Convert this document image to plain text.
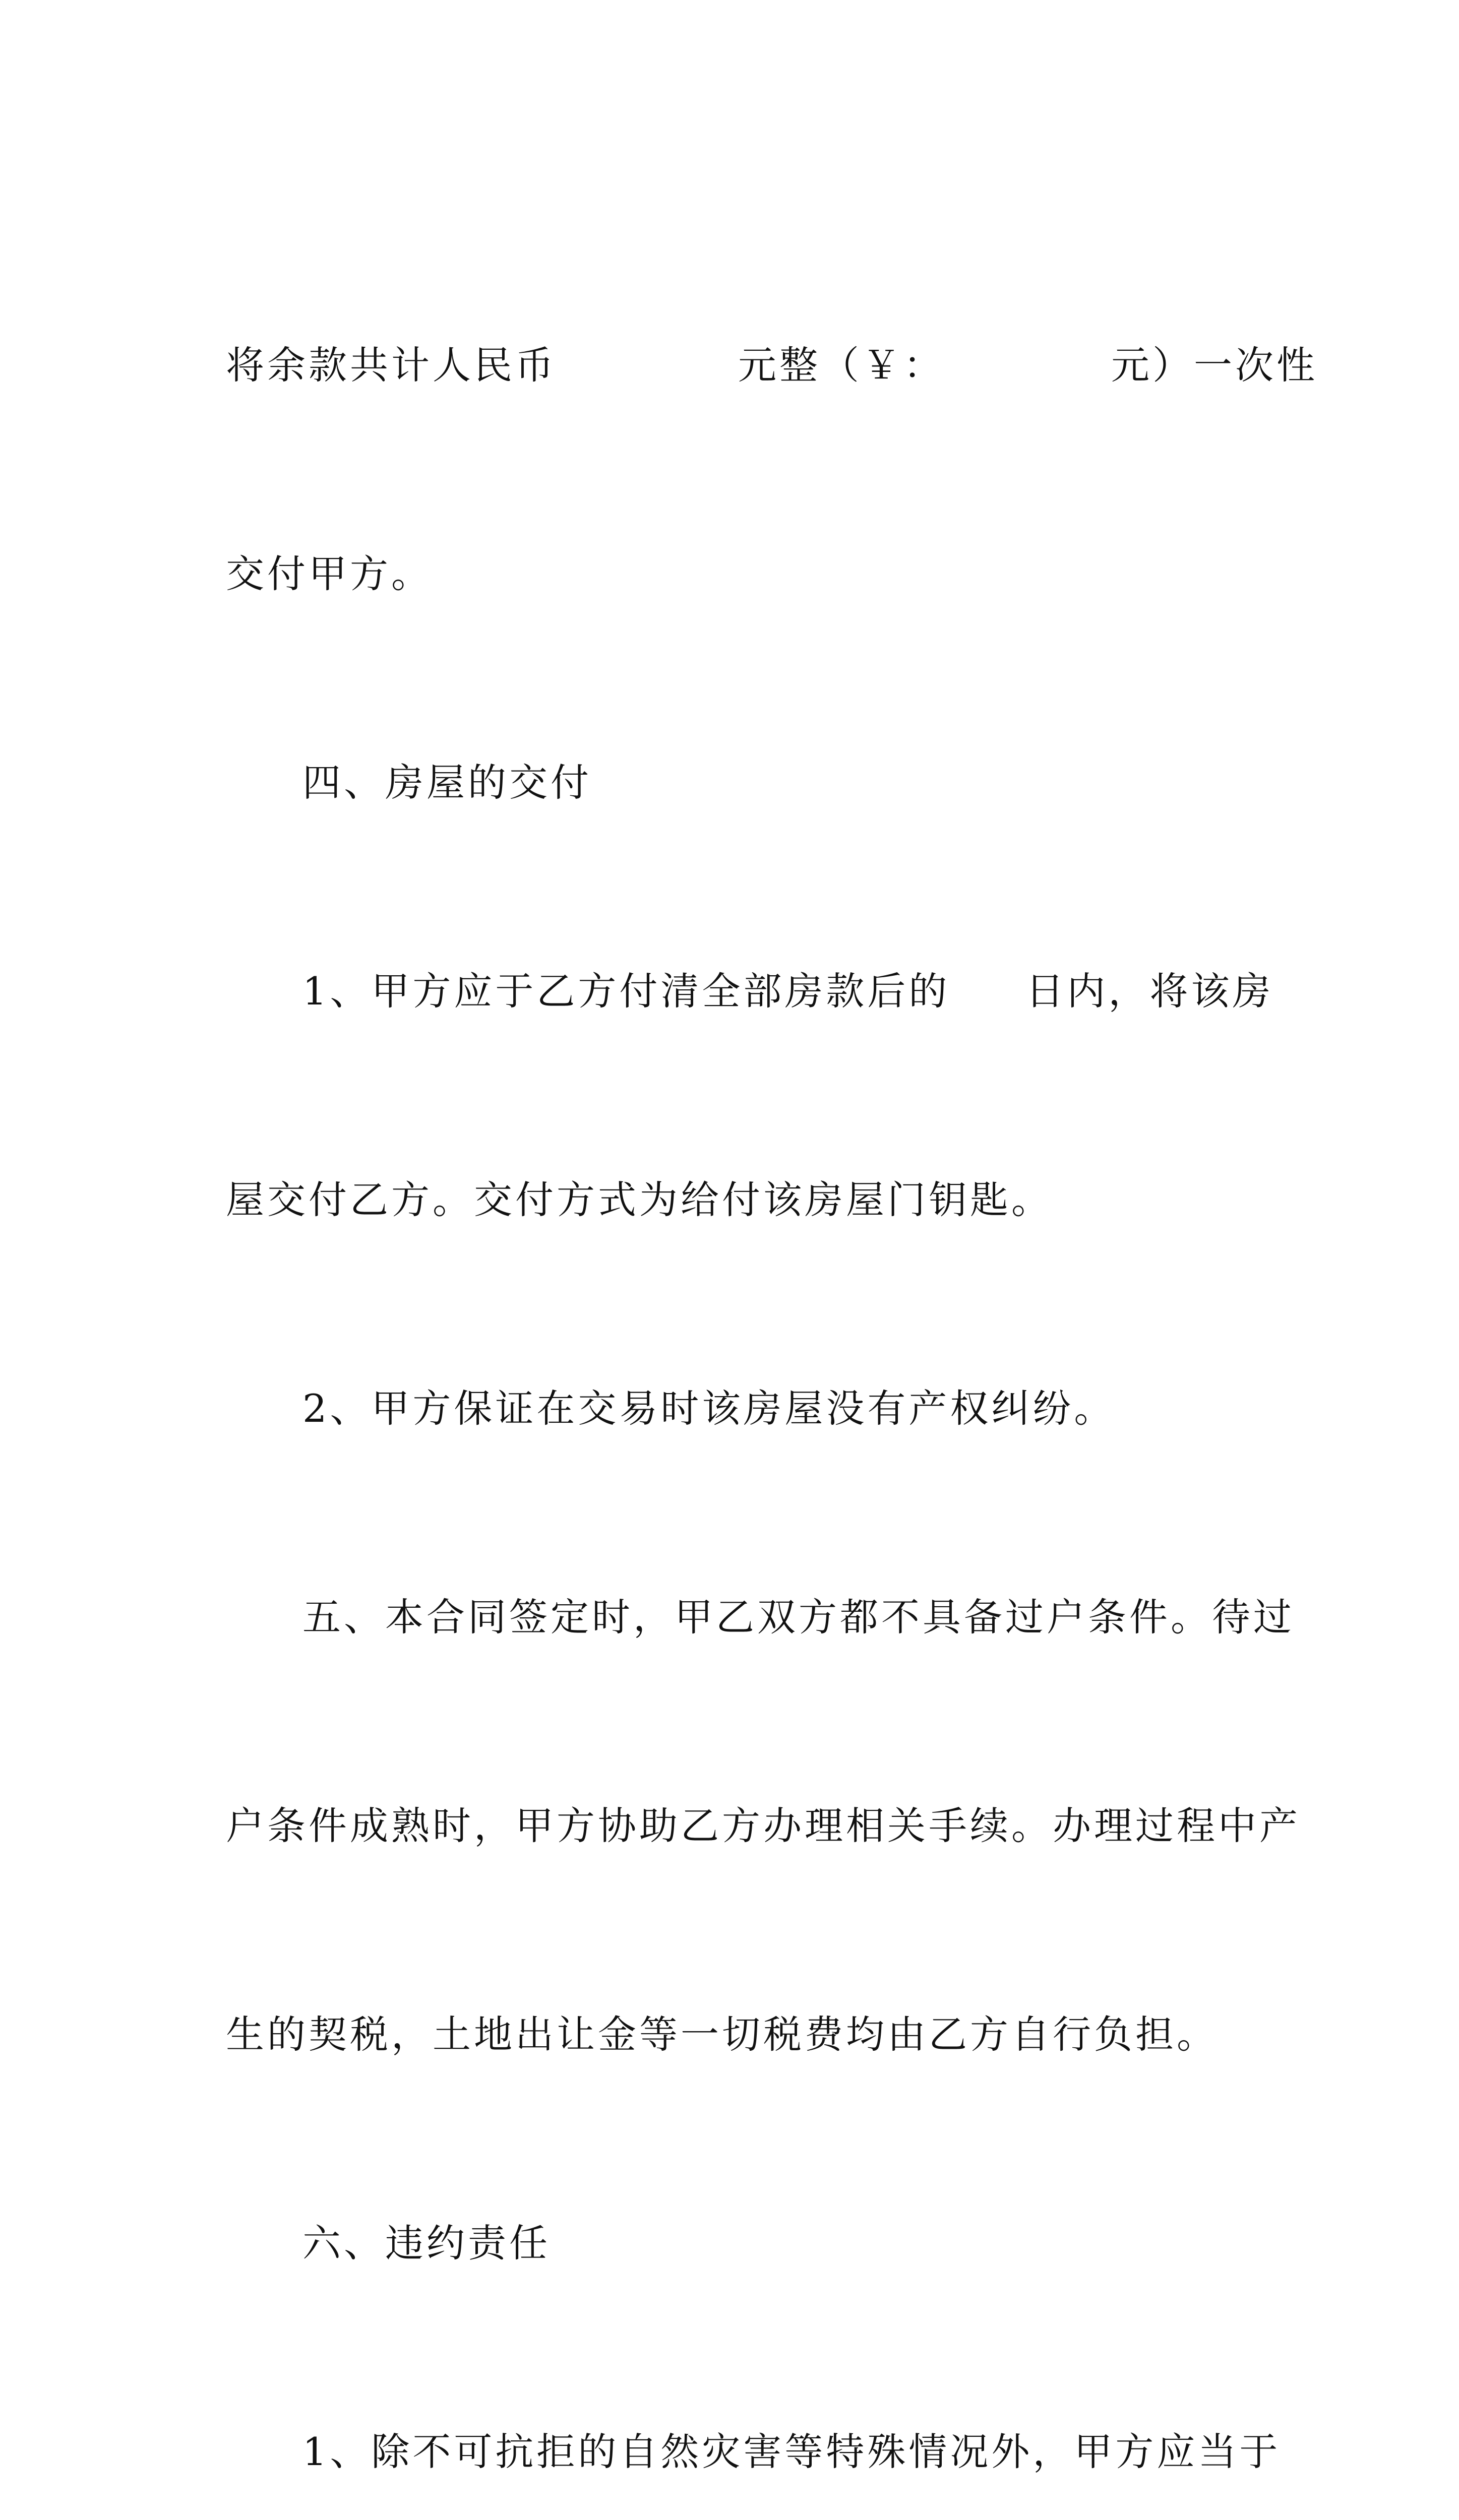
将余款共计人民币	元整（￥：	元）一次性

交付甲方。

四、房屋的交付

1、甲方应于乙方付清全部房款后的 日内，将该房

屋交付乙方。交付方式为给付该房屋门钥匙。

2、甲方保证在交易时该房屋没有产权纠纷。

五、本合同签定时，甲乙双方都不具备过户条件。待过

户条件成熟时，甲方协助乙方办理相关手续。办理过程中产

生的契税，土地出让金等一切税费均由乙方自行负担。

六、违约责任

1、除不可抗拒的自然灾害等特殊情况外，甲方应当于
